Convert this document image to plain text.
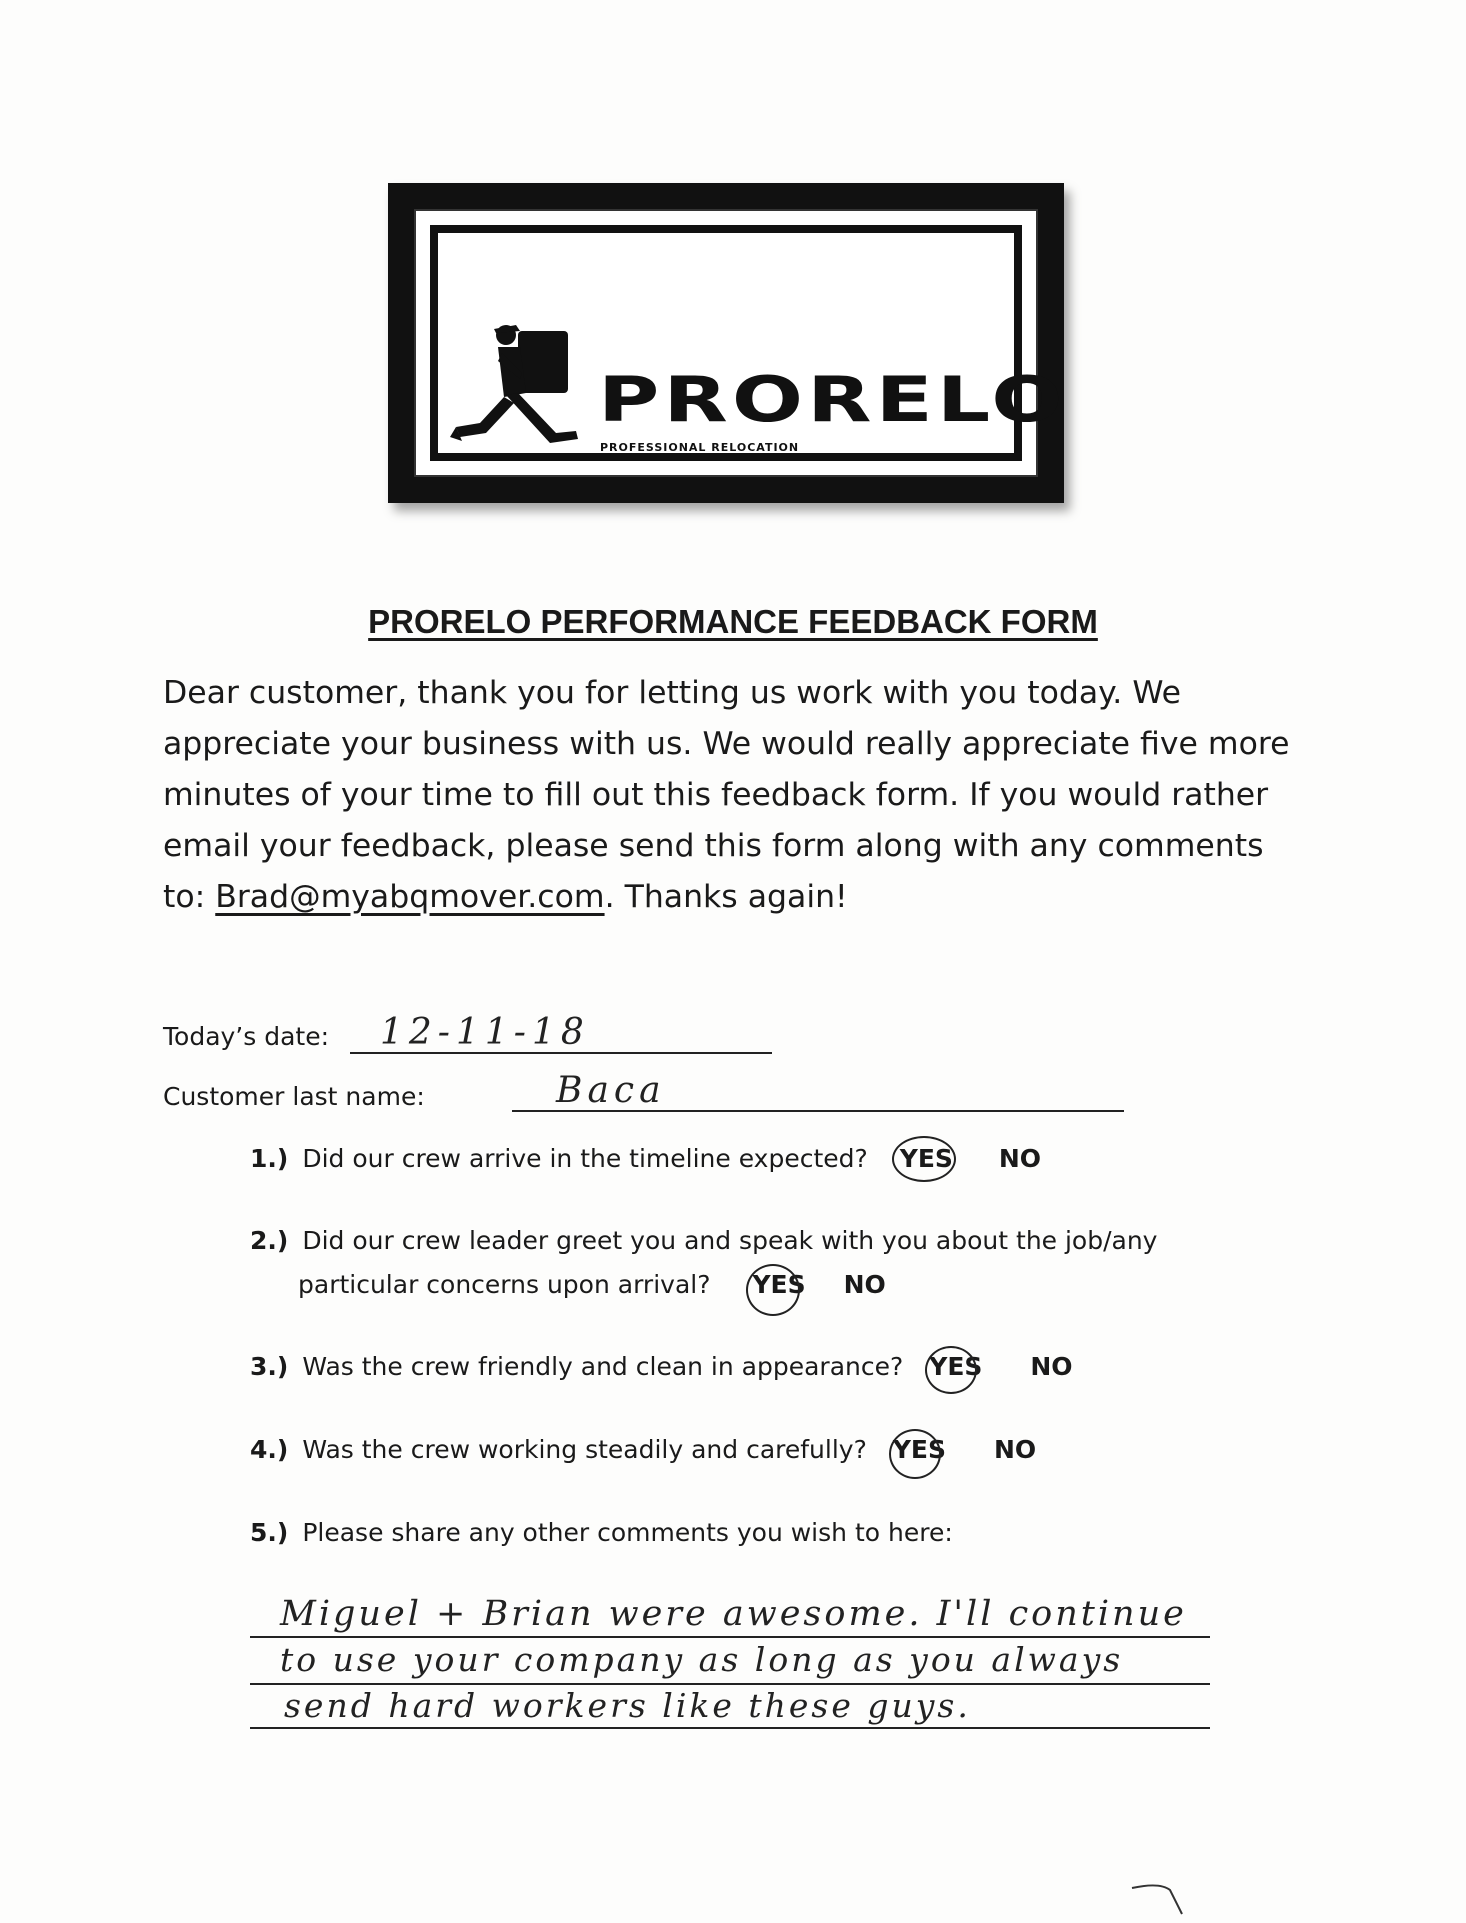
PRORELO
PROFESSIONAL RELOCATION
PRORELO PERFORMANCE FEEDBACK FORM
Dear customer, thank you for letting us work with you today. We
appreciate your business with us. We would really appreciate five more
minutes of your time to fill out this feedback form. If you would rather
email your feedback, please send this form along with any comments
to: Brad@myabqmover.com. Thanks again!
Today’s date: 12-11-18
Customer last name:	Baca
1.) Did our crew arrive in the timeline expected? YES NO
2.) Did our crew leader greet you and speak with you about the job/any
particular concerns upon arrival? YES NO
3.) Was the crew friendly and clean in appearance? YES NO
4.) Was the crew working steadily and carefully? YES NO
5.) Please share any other comments you wish to here:
Miguel + Brian were awesome. I'll continue
to use your company as long as you always
send hard workers like these guys.
